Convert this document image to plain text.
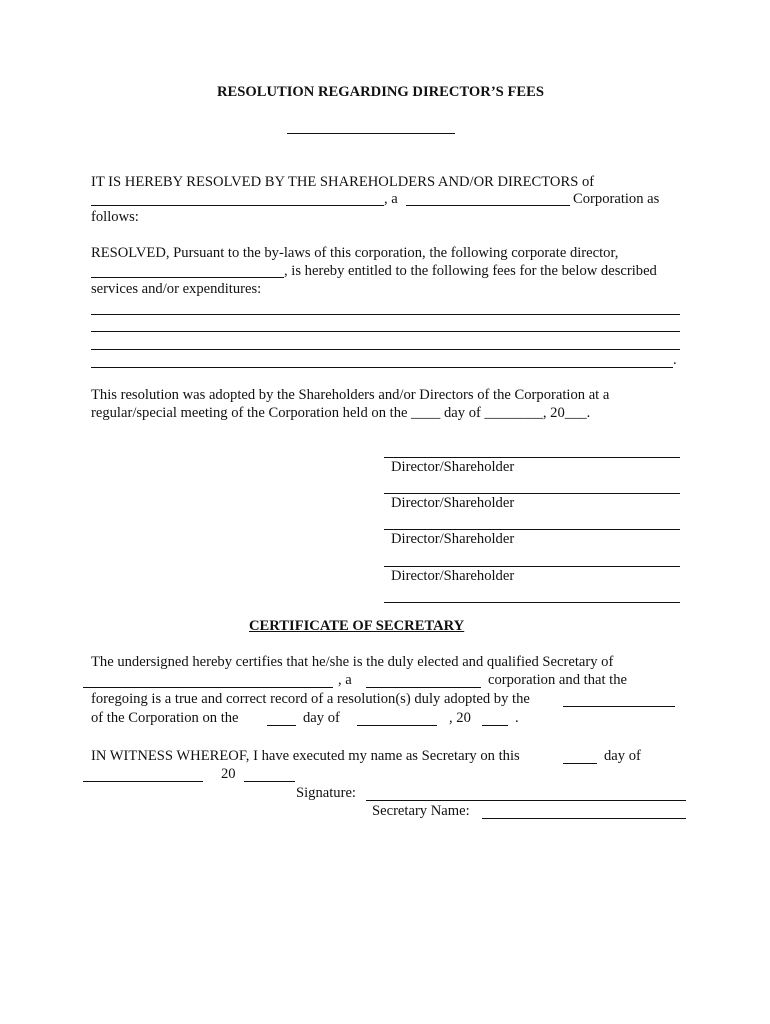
RESOLUTION REGARDING DIRECTOR’S FEES
IT IS HEREBY RESOLVED BY THE SHAREHOLDERS AND/OR DIRECTORS of
, a	Corporation as
follows:
RESOLVED, Pursuant to the by-laws of this corporation, the following corporate director,
, is hereby entitled to the following fees for the below described
services and/or expenditures:
.
This resolution was adopted by the Shareholders and/or Directors of the Corporation at a
regular/special meeting of the Corporation held on the ____ day of ________, 20___.
Director/Shareholder
Director/Shareholder
Director/Shareholder
Director/Shareholder
CERTIFICATE OF SECRETARY
The undersigned hereby certifies that he/she is the duly elected and qualified Secretary of
, a	corporation and that the
foregoing is a true and correct record of a resolution(s) duly adopted by the
of the Corporation on the	day of	, 20	.
IN WITNESS WHEREOF, I have executed my name as Secretary on this	day of
20
Signature:
Secretary Name:
